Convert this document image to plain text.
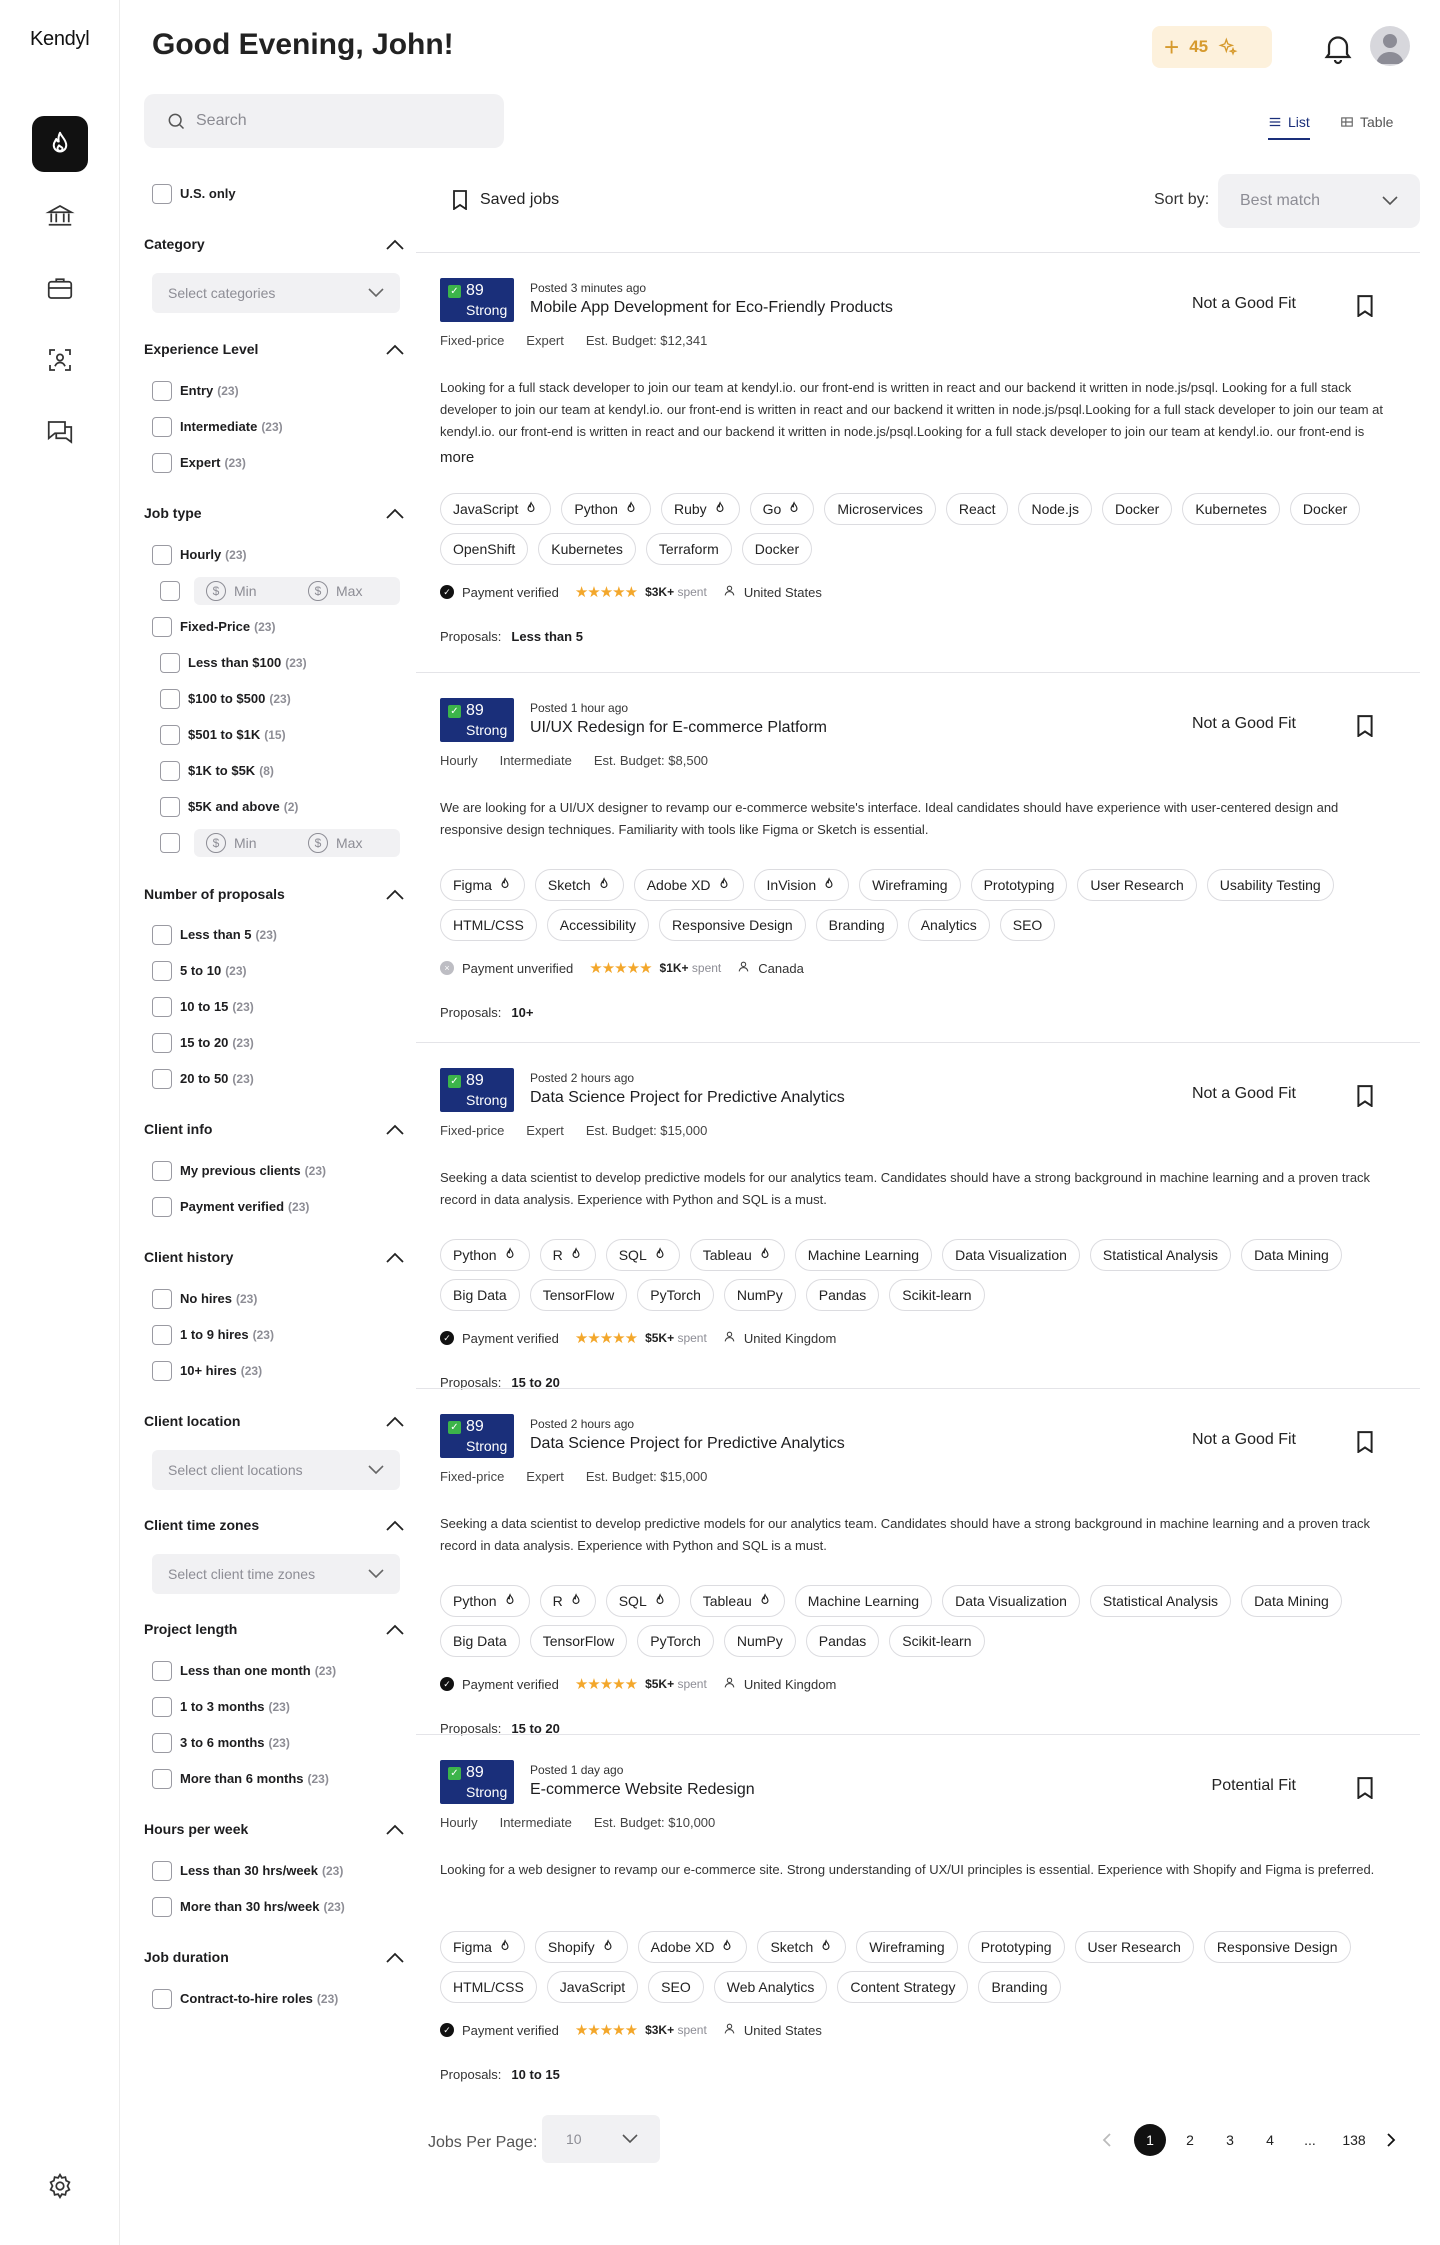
Kendyl Good Evening, John!	+ 45
Search
List	Table
U.S. only
Category
Select categories
Experience Level
Entry (23)
Intermediate (23)
Expert (23)
Job type
Hourly (23)
$	Min	$	Max
Fixed-Price (23)
Less than $100 (23)
$100 to $500 (23)
$501 to $1K (15)
$1K to $5K (8)
$5K and above (2)
$	Min	$	Max
Number of proposals
Less than 5 (23)
5 to 10 (23)
10 to 15 (23)
15 to 20 (23)
20 to 50 (23)
Client info
My previous clients (23)
Payment verified (23)
Client history
No hires (23)
1 to 9 hires (23)
10+ hires (23)
Client location
Select client locations
Client time zones
Select client time zones
Project length
Less than one month (23)
1 to 3 months (23)
3 to 6 months (23)
More than 6 months (23)
Hours per week
Less than 30 hrs/week (23)
More than 30 hrs/week (23)
Job duration
Contract-to-hire roles (23)
Saved jobs	Sort by: Best match
✓ 89
Strong
Posted 3 minutes ago
Mobile App Development for Eco-Friendly Products	Not a Good Fit
Fixed-price Expert Est. Budget: $12,341
Looking for a full stack developer to join our team at kendyl.io. our front-end is written in react and our backend it written in node.js/psql. Looking for a full stack developer to join our team at kendyl.io. our front-end is written in react and our backend it written in node.js/psql.Looking for a full stack developer to join our team at kendyl.io. our front-end is written in react and our backend it written in node.js/psql.Looking for a full stack developer to join our team at kendyl.io. our front-end is
more
JavaScript	Python	Ruby	Go	Microservices	React	Node.js	Docker	Kubernetes	Docker
OpenShift	Kubernetes	Terraform	Docker
✓ Payment verified ★★★★★ $3K+ spent	United States
Proposals: Less than 5
✓ 89
Strong
Posted 1 hour ago
UI/UX Redesign for E-commerce Platform	Not a Good Fit
Hourly Intermediate Est. Budget: $8,500
We are looking for a UI/UX designer to revamp our e-commerce website's interface. Ideal candidates should have experience with user-centered design and responsive design techniques. Familiarity with tools like Figma or Sketch is essential.
Figma	Sketch	Adobe XD	InVision	Wireframing	Prototyping	User Research	Usability Testing
HTML/CSS	Accessibility	Responsive Design	Branding	Analytics	SEO
× Payment unverified ★★★★★ $1K+ spent	Canada
Proposals: 10+
✓ 89
Strong
Posted 2 hours ago
Data Science Project for Predictive Analytics	Not a Good Fit
Fixed-price Expert Est. Budget: $15,000
Seeking a data scientist to develop predictive models for our analytics team. Candidates should have a strong background in machine learning and a proven track record in data analysis. Experience with Python and SQL is a must.
Python	R	SQL	Tableau	Machine Learning	Data Visualization	Statistical Analysis	Data Mining
Big Data	TensorFlow	PyTorch	NumPy	Pandas	Scikit-learn
✓ Payment verified ★★★★★ $5K+ spent	United Kingdom
Proposals: 15 to 20
✓ 89
Strong
Posted 2 hours ago
Data Science Project for Predictive Analytics	Not a Good Fit
Fixed-price Expert Est. Budget: $15,000
Seeking a data scientist to develop predictive models for our analytics team. Candidates should have a strong background in machine learning and a proven track record in data analysis. Experience with Python and SQL is a must.
Python	R	SQL	Tableau	Machine Learning	Data Visualization	Statistical Analysis	Data Mining
Big Data	TensorFlow	PyTorch	NumPy	Pandas	Scikit-learn
✓ Payment verified ★★★★★ $5K+ spent	United Kingdom
Proposals: 15 to 20
✓ 89
Strong
Posted 1 day ago
E-commerce Website Redesign	Potential Fit
Hourly Intermediate Est. Budget: $10,000
Looking for a web designer to revamp our e-commerce site. Strong understanding of UX/UI principles is essential. Experience with Shopify and Figma is preferred.
Figma	Shopify	Adobe XD	Sketch	Wireframing	Prototyping	User Research	Responsive Design
HTML/CSS	JavaScript	SEO	Web Analytics	Content Strategy	Branding
✓ Payment verified ★★★★★ $3K+ spent	United States
Proposals: 10 to 15
Jobs Per Page: 10	1	2	3	4	...	138
